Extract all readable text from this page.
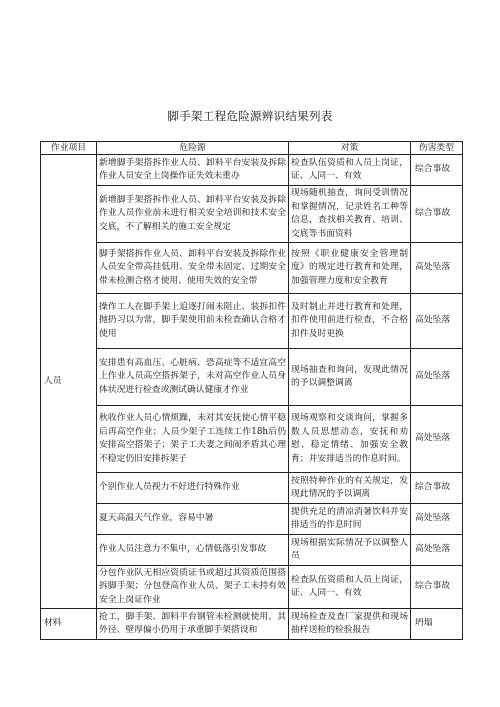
脚手架工程危险源辨识结果列表
作业项目	危险源	对策	伤害类型
人员	新增脚手架搭拆作业人员、卸料平台安装及拆除作业人员安全上岗操作证失效未重办	检查队伍资质和人员上岗证，证、人同一、有效	综合事故
	新增脚手架搭拆作业人员、卸料平台安装及拆除作业人员作业前未进行相关安全培训和技术安全交底，不了解相关的施工安全规定	现场随机抽查，询问受训情况和掌握情况，记录姓名工种等信息，查找相关教育、培训、交底等书面资料	综合事故
	脚手架搭拆作业人员、卸料平台安装及拆除作业人员安全带高挂低用、安全带未固定、过期安全带未检测合格才使用、使用失效的安全带	按照《职业健康安全管理制度》的规定进行教育和处理，加强管理力度和安全教育	高处坠落
	操作工人在脚手架上追逐打闹未阻止、装拆扣件抛扔习以为常，脚手架使用前未检查确认合格才使用	及时制止并进行教育和处理，扣件使用前进行检查，不合格扣件及时更换	高处坠落
	安排患有高血压、心脏病、恐高症等不适宜高空上作业人员高空搭拆架子，未对高空作业人员身体状况进行检查或测试确认健康才作业	现场抽查和询问，发现此情况的予以调整调离	高处坠落
	秋收作业人员心情烦躁，未对其安抚使心情平稳后再高空作业；人员少架子工连续工作18h后仍安排高空搭架子；架子工夫妻之间闹矛盾其心理不稳定仍旧安排拆架子	现场观察和交谈询问，掌握多数人员思想动态，安抚和劝慰、稳定情绪、加强安全教育；并安排适当的作息时间。	高处坠落
	个别作业人员视力不好进行特殊作业	按照特种作业的有关规定，发现此情况的予以调离	综合事故
	夏天高温天气作业，容易中暑	提供充足的清凉消暑饮料并安排适当的作息时间	高处坠落
	作业人员注意力不集中，心情低落引发事故	现场根据实际情况予以调整人员	高处坠落
	分包作业队无相应资质证书或超过其资质范围搭拆脚手架；分包登高作业人员、架子工未持有效安全上岗证作业	检查队伍资质和人员上岗证，证、人同一、有效	综合事故
材料	抢工，脚手架、卸料平台钢管未检测就使用、其外径、壁厚偏小仍用于承重脚手架搭设和	现场检查及查厂家提供和现场抽样送检的检验报告	坍塌
